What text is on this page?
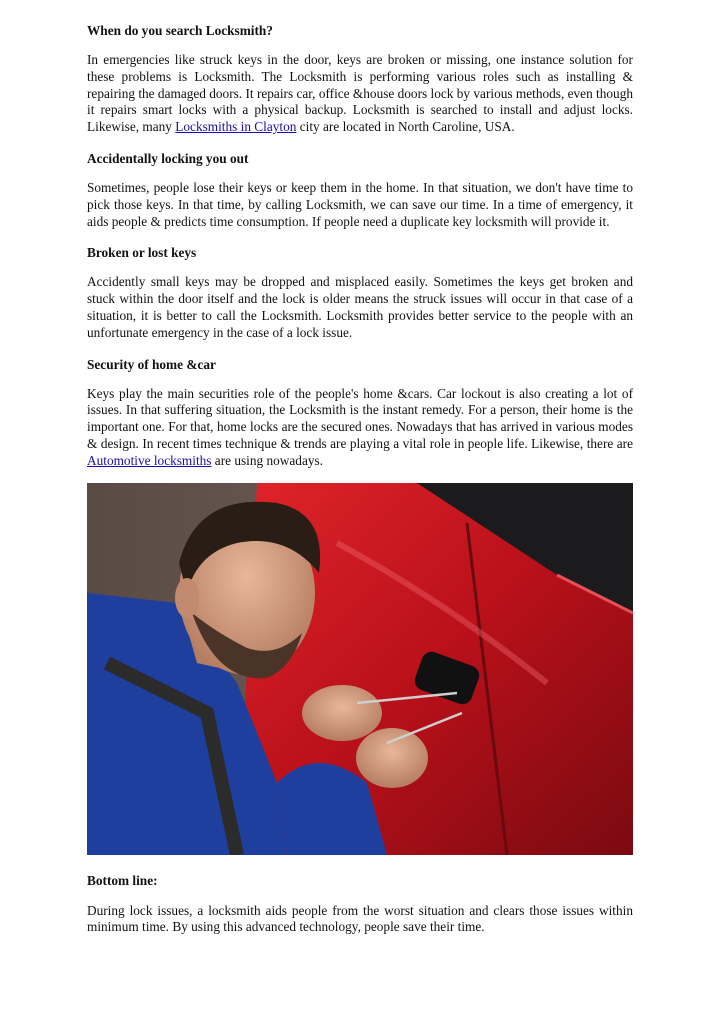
When do you search Locksmith?

In emergencies like struck keys in the door, keys are broken or missing, one instance solution for these problems is Locksmith. The Locksmith is performing various roles such as installing & repairing the damaged doors. It repairs car, office &house doors lock by various methods, even though it repairs smart locks with a physical backup. Locksmith is searched to install and adjust locks. Likewise, many Locksmiths in Clayton city are located in North Caroline, USA.

Accidentally locking you out

Sometimes, people lose their keys or keep them in the home. In that situation, we don't have time to pick those keys. In that time, by calling Locksmith, we can save our time. In a time of emergency, it aids people & predicts time consumption. If people need a duplicate key locksmith will provide it.

Broken or lost keys

Accidently small keys may be dropped and misplaced easily. Sometimes the keys get broken and stuck within the door itself and the lock is older means the struck issues will occur in that case of a situation, it is better to call the Locksmith. Locksmith provides better service to the people with an unfortunate emergency in the case of a lock issue.

Security of home &car

Keys play the main securities role of the people's home &cars. Car lockout is also creating a lot of issues. In that suffering situation, the Locksmith is the instant remedy. For a person, their home is the important one. For that, home locks are the secured ones. Nowadays that has arrived in various modes & design. In recent times technique & trends are playing a vital role in people life. Likewise, there are Automotive locksmiths are using nowadays.

Bottom line:

During lock issues, a locksmith aids people from the worst situation and clears those issues within minimum time. By using this advanced technology, people save their time.
